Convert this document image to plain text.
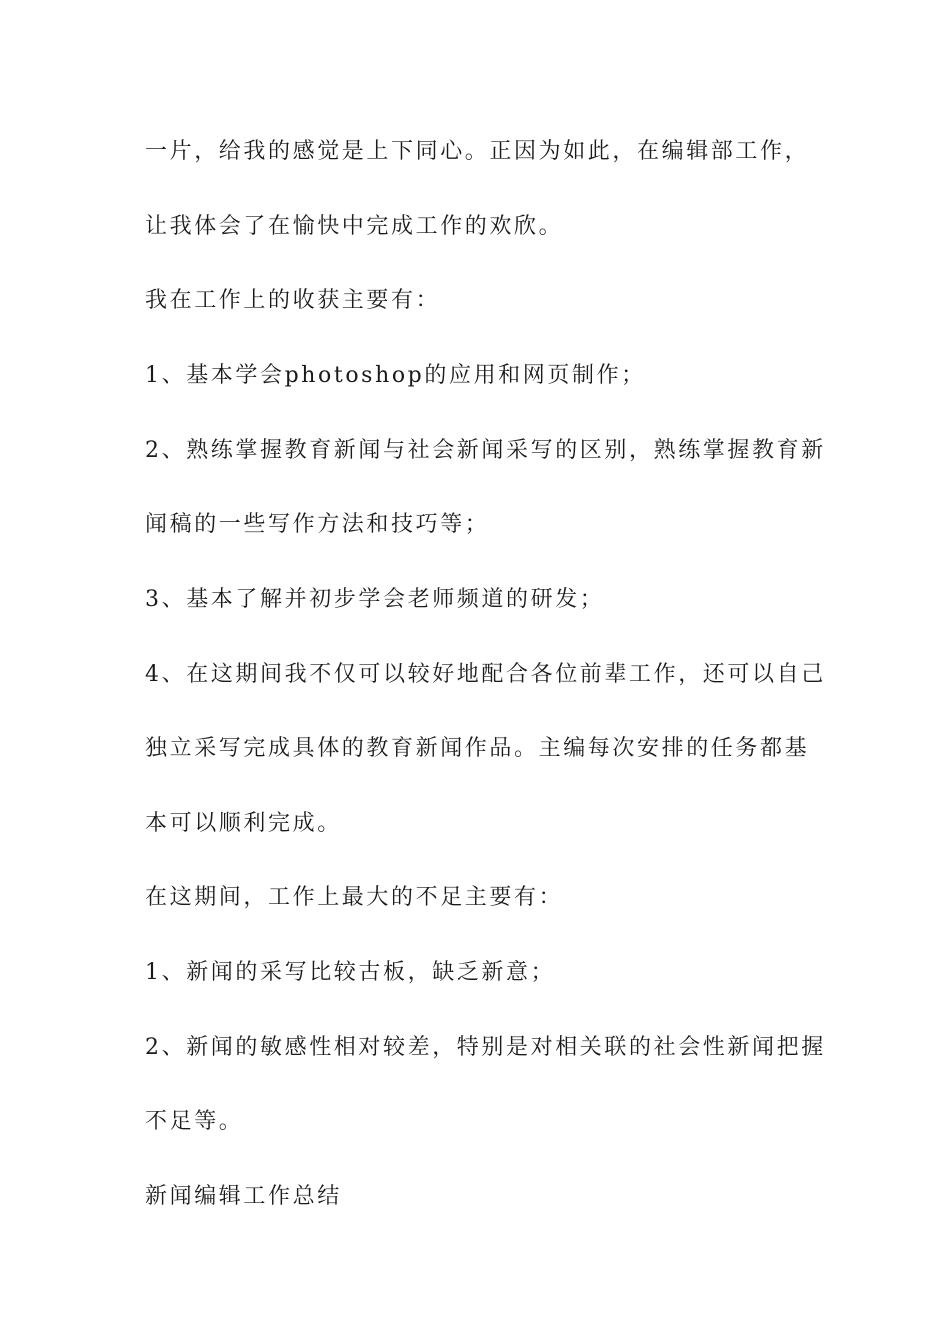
一片，给我的感觉是上下同心。正因为如此，在编辑部工作，
让我体会了在愉快中完成工作的欢欣。
我在工作上的收获主要有：
1、基本学会photoshop的应用和网页制作；
2、熟练掌握教育新闻与社会新闻采写的区别，熟练掌握教育新
闻稿的一些写作方法和技巧等；
3、基本了解并初步学会老师频道的研发；
4、在这期间我不仅可以较好地配合各位前辈工作，还可以自己
独立采写完成具体的教育新闻作品。主编每次安排的任务都基
本可以顺利完成。
在这期间，工作上最大的不足主要有：
1、新闻的采写比较古板，缺乏新意；
2、新闻的敏感性相对较差，特别是对相关联的社会性新闻把握
不足等。
新闻编辑工作总结
